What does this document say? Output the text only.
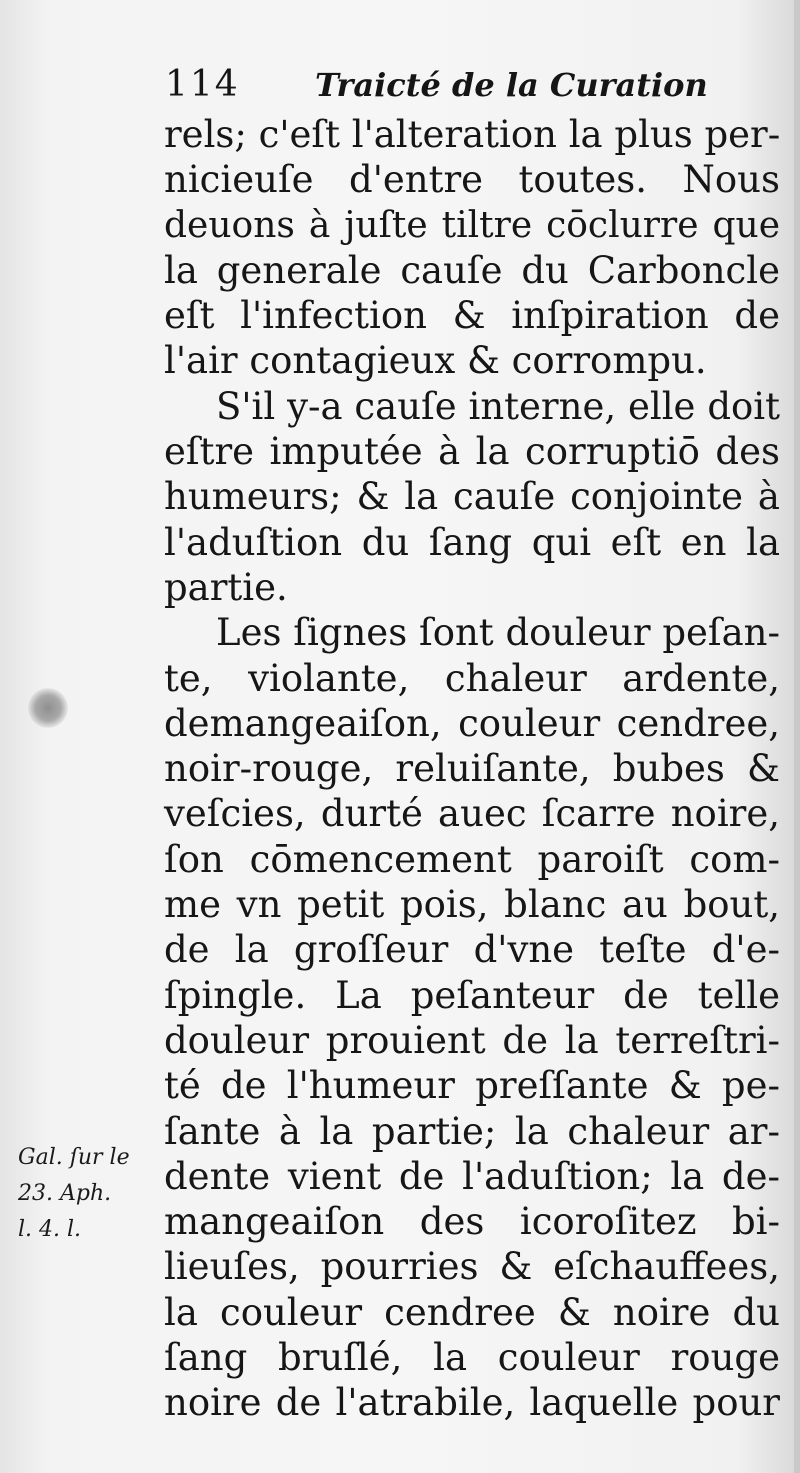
114 Traicté de la Curation
rels; c'eſt l'alteration la plus per-
nicieuſe d'entre toutes. Nous
deuons à juſte tiltre cōclurre que
la generale cauſe du Carboncle
eſt l'infection & inſpiration de
l'air contagieux & corrompu.
S'il y-a cauſe interne, elle doit
eſtre imputée à la corruptiō des
humeurs; & la cauſe conjointe à
l'aduſtion du ſang qui eſt en la
partie.
Les ſignes ſont douleur peſan-
te, violante, chaleur ardente,
demangeaiſon, couleur cendree,
noir-rouge, reluiſante, bubes &
veſcies, durté auec ſcarre noire,
ſon cōmencement paroiſt com-
me vn petit pois, blanc au bout,
de la groſſeur d'vne teſte d'e-
ſpingle. La peſanteur de telle
douleur prouient de la terreſtri-
té de l'humeur preſſante & pe-
ſante à la partie; la chaleur ar-
dente vient de l'aduſtion; la de-
mangeaiſon des icoroſitez bi-
lieuſes, pourries & eſchauffees,
la couleur cendree & noire du
ſang bruſlé, la couleur rouge
noire de l'atrabile, laquelle pour
Gal. ſur le
23. Aph.
l. 4. l.
